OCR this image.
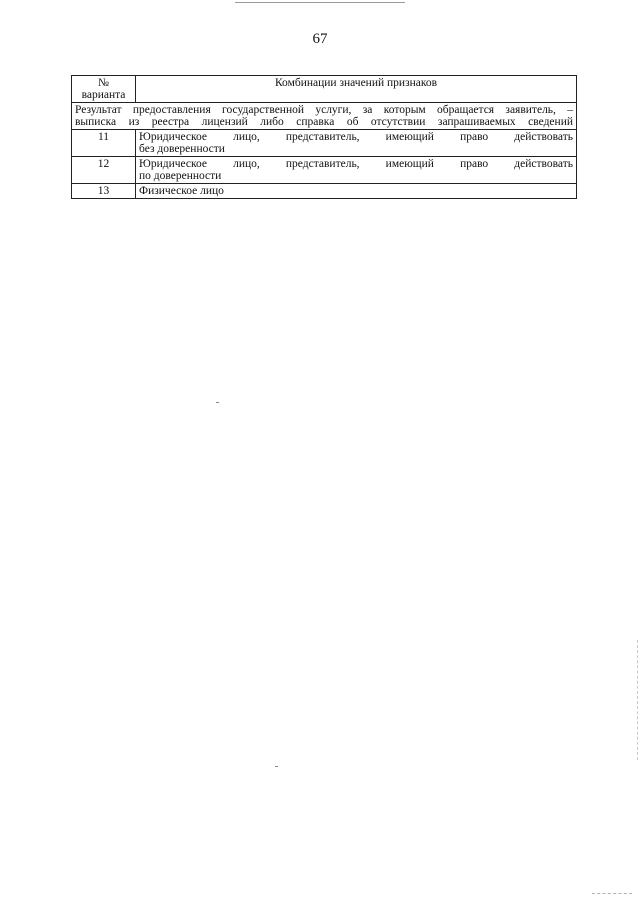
67
№ варианта	Комбинации значений признаков

Результат предоставления государственной услуги, за которым обращается заявитель, –
выписка из реестра лицензий либо справка об отсутствии запрашиваемых сведений	

11	Юридическое лицо, представитель, имеющий право действовать
без доверенности

12	Юридическое лицо, представитель, имеющий право действовать
по доверенности

13	Физическое лицо
